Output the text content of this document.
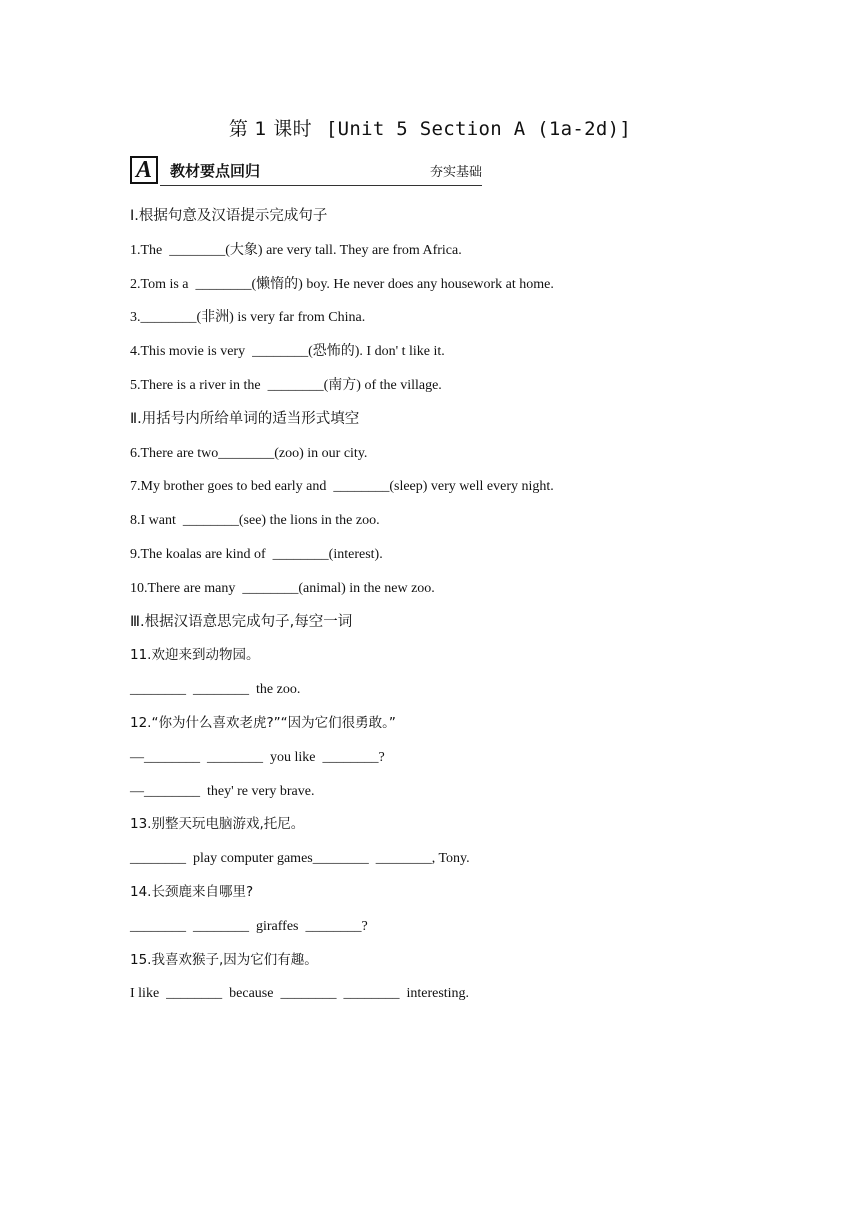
第 1 课时 [Unit 5 Section A (1a-2d)]
A	教材要点回归	夯实基础
Ⅰ.根据句意及汉语提示完成句子
1.The  ________(大象) are very tall. They are from Africa.
2.Tom is a  ________(懒惰的) boy. He never does any housework at home.
3.________(非洲) is very far from China.
4.This movie is very  ________(恐怖的). I don' t like it.
5.There is a river in the  ________(南方) of the village.
Ⅱ.用括号内所给单词的适当形式填空
6.There are two________(zoo) in our city.
7.My brother goes to bed early and  ________(sleep) very well every night.
8.I want  ________(see) the lions in the zoo.
9.The koalas are kind of  ________(interest).
10.There are many  ________(animal) in the new zoo.
Ⅲ.根据汉语意思完成句子,每空一词
11.欢迎来到动物园。
________  ________  the zoo.
12.“你为什么喜欢老虎?”“因为它们很勇敢。”
—________  ________  you like  ________?
—________  they' re very brave.
13.别整天玩电脑游戏,托尼。
________  play computer games________  ________, Tony.
14.长颈鹿来自哪里?
________  ________  giraffes  ________?
15.我喜欢猴子,因为它们有趣。
I like  ________  because  ________  ________  interesting.
